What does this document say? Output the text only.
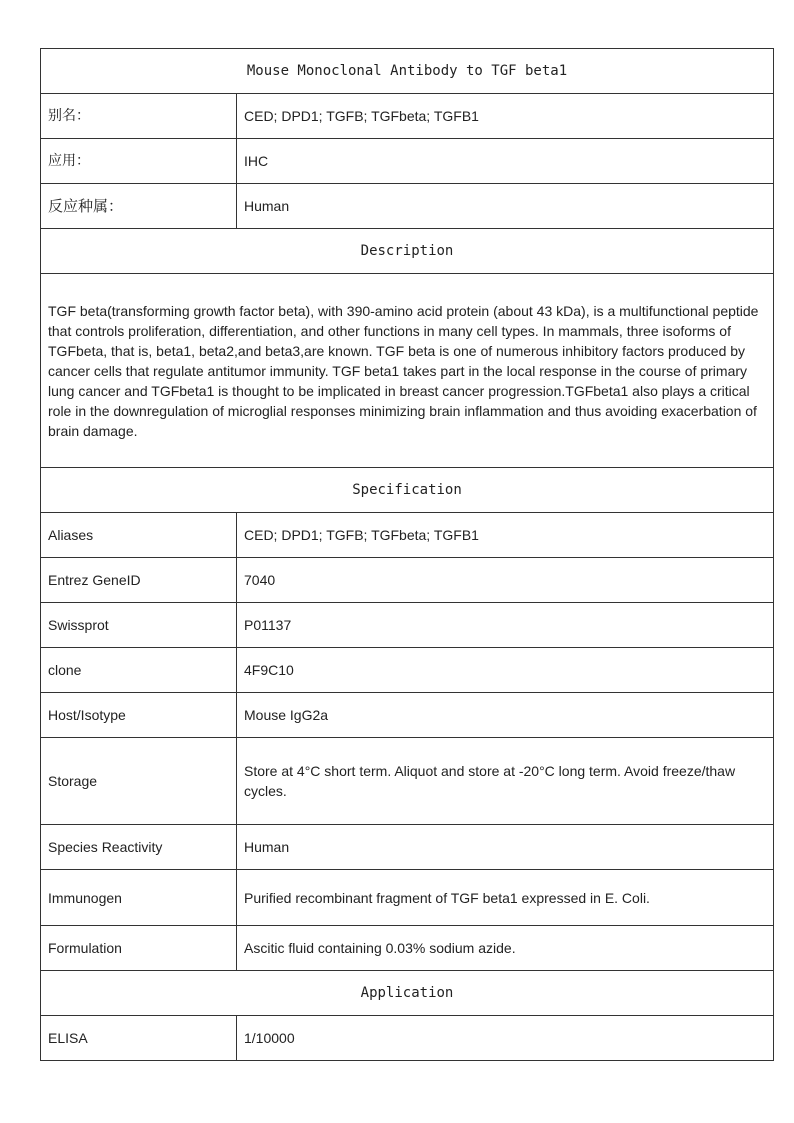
Mouse Monoclonal Antibody to TGF beta1	
别名：	CED; DPD1; TGFB; TGFbeta; TGFB1
应用：	IHC
反应种属：	Human
Description	
TGF beta(transforming growth factor beta), with 390-amino acid protein (about 43 kDa), is a multifunctional peptide that controls proliferation, differentiation, and other functions in many cell types. In mammals, three isoforms of TGFbeta, that is, beta1, beta2,and beta3,are known. TGF beta is one of numerous inhibitory factors produced by cancer cells that regulate antitumor immunity. TGF beta1 takes part in the local response in the course of primary lung cancer and TGFbeta1 is thought to be implicated in breast cancer progression.TGFbeta1 also plays a critical role in the downregulation of microglial responses minimizing brain inflammation and thus avoiding exacerbation of brain damage.	
Specification	
Aliases	CED; DPD1; TGFB; TGFbeta; TGFB1
Entrez GeneID	7040
Swissprot	P01137
clone	4F9C10
Host/Isotype	Mouse IgG2a
Storage	Store at 4°C short term. Aliquot and store at -20°C long term. Avoid freeze/thaw cycles.
Species Reactivity	Human
Immunogen	Purified recombinant fragment of TGF beta1 expressed in E. Coli.
Formulation	Ascitic fluid containing 0.03% sodium azide.
Application	
ELISA	1/10000
